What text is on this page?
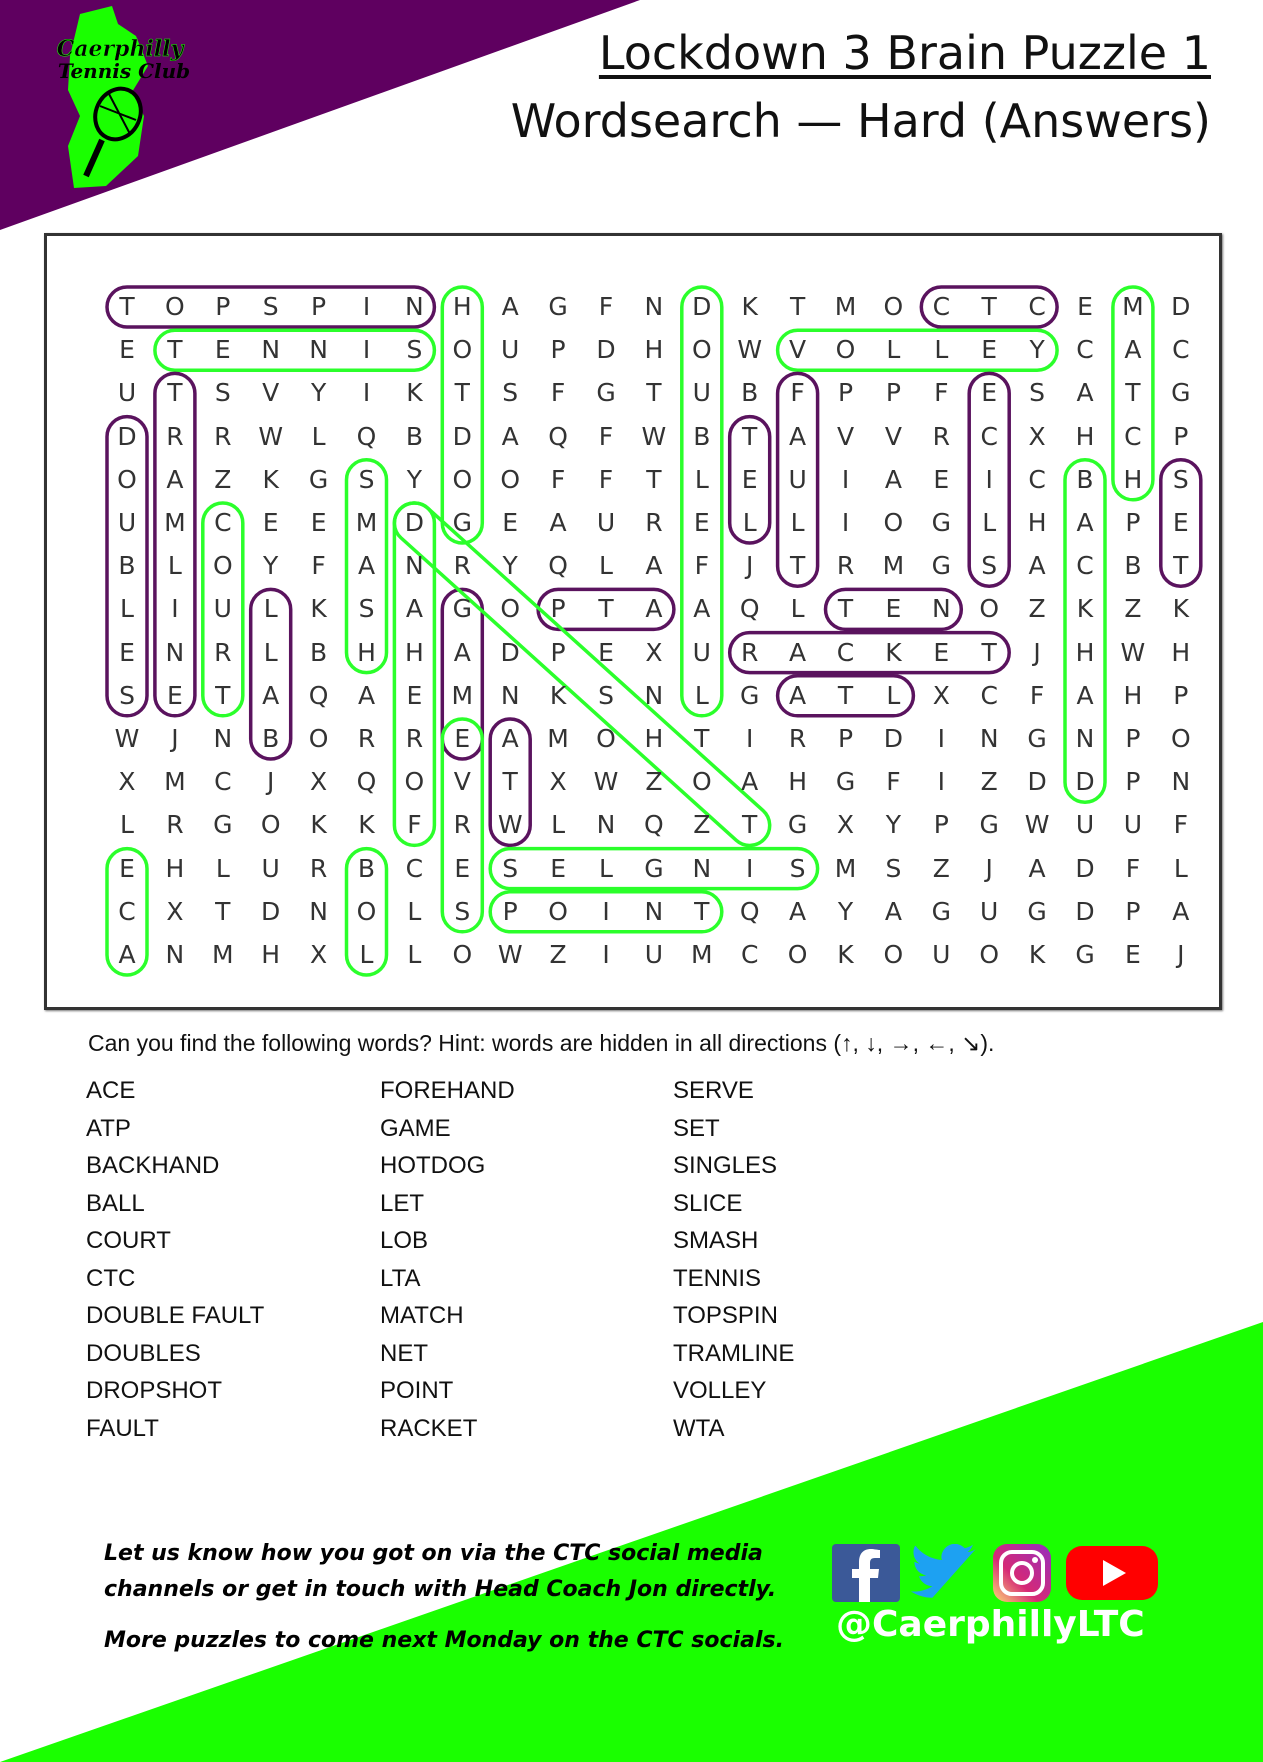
Caerphilly
Tennis Club	Lockdown 3 Brain Puzzle 1
Wordsearch — Hard (Answers)
T	O	P	S	P	I	N	H	A	G	F	N	D	K	T	M	O	C	T	C	E	M	D
E	T	E	N	N	I	S	O	U	P	D	H	O	W	V	O	L	L	E	Y	C	A	C
U	T	S	V	Y	I	K	T	S	F	G	T	U	B	F	P	P	F	E	S	A	T	G
D	R	R	W	L	Q	B	D	A	Q	F	W	B	T	A	V	V	R	C	X	H	C	P
O	A	Z	K	G	S	Y	O	O	F	F	T	L	E	U	I	A	E	I	C	B	H	S
U	M	C	E	E	M	D	G	E	A	U	R	E	L	L	I	O	G	L	H	A	P	E
B	L	O	Y	F	A	N	R	Y	Q	L	A	F	J	T	R	M	G	S	A	C	B	T
L	I	U	L	K	S	A	G	O	P	T	A	A	Q	L	T	E	N	O	Z	K	Z	K
E	N	R	L	B	H	H	A	D	P	E	X	U	R	A	C	K	E	T	J	H	W	H
S	E	T	A	Q	A	E	M	N	K	S	N	L	G	A	T	L	X	C	F	A	H	P
W	J	N	B	O	R	R	E	A	M	O	H	T	I	R	P	D	I	N	G	N	P	O
X	M	C	J	X	Q	O	V	T	X	W	Z	O	A	H	G	F	I	Z	D	D	P	N
L	R	G	O	K	K	F	R	W	L	N	Q	Z	T	G	X	Y	P	G	W	U	U	F
E	H	L	U	R	B	C	E	S	E	L	G	N	I	S	M	S	Z	J	A	D	F	L
C	X	T	D	N	O	L	S	P	O	I	N	T	Q	A	Y	A	G	U	G	D	P	A
A	N	M	H	X	L	L	O	W	Z	I	U	M	C	O	K	O	U	O	K	G	E	J
Can you find the following words? Hint: words are hidden in all directions (↑, ↓, →, ←, ↘).
ACE
ATP
BACKHAND
BALL
COURT
CTC
DOUBLE FAULT
DOUBLES
DROPSHOT
FAULT
FOREHAND
GAME
HOTDOG
LET
LOB
LTA
MATCH
NET
POINT
RACKET
SERVE
SET
SINGLES
SLICE
SMASH
TENNIS
TOPSPIN
TRAMLINE
VOLLEY
WTA
Let us know how you got on via the CTC social media
channels or get in touch with Head Coach Jon directly.
More puzzles to come next Monday on the CTC socials. @CaerphillyLTC
